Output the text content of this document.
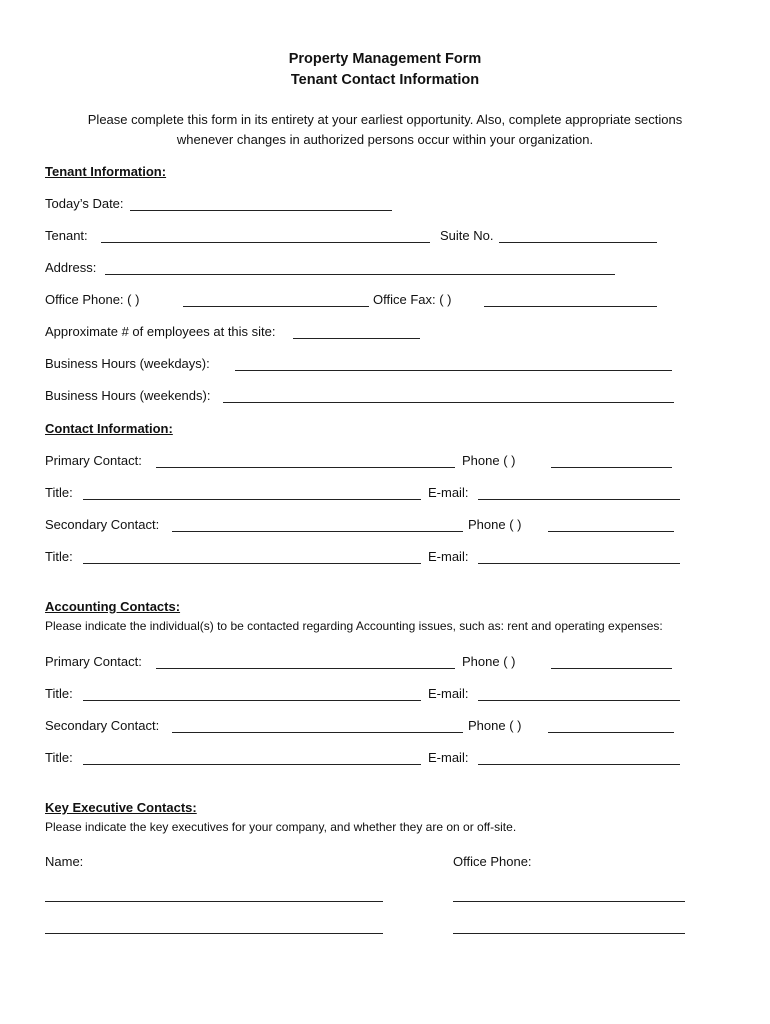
Property Management Form
Tenant Contact Information
Please complete this form in its entirety at your earliest opportunity. Also, complete appropriate sections
whenever changes in authorized persons occur within your organization.
Tenant Information:
Today’s Date:
Tenant:	Suite No.
Address:
Office Phone: ( )	Office Fax: ( )
Approximate # of employees at this site:
Business Hours (weekdays):
Business Hours (weekends):
Contact Information:
Primary Contact:	Phone ( )
Title:	E-mail:
Secondary Contact:	Phone ( )
Title:	E-mail:
Accounting Contacts:
Please indicate the individual(s) to be contacted regarding Accounting issues, such as: rent and operating expenses:
Primary Contact:	Phone ( )
Title:	E-mail:
Secondary Contact:	Phone ( )
Title:	E-mail:
Key Executive Contacts:
Please indicate the key executives for your company, and whether they are on or off-site.
Name:	Office Phone:
